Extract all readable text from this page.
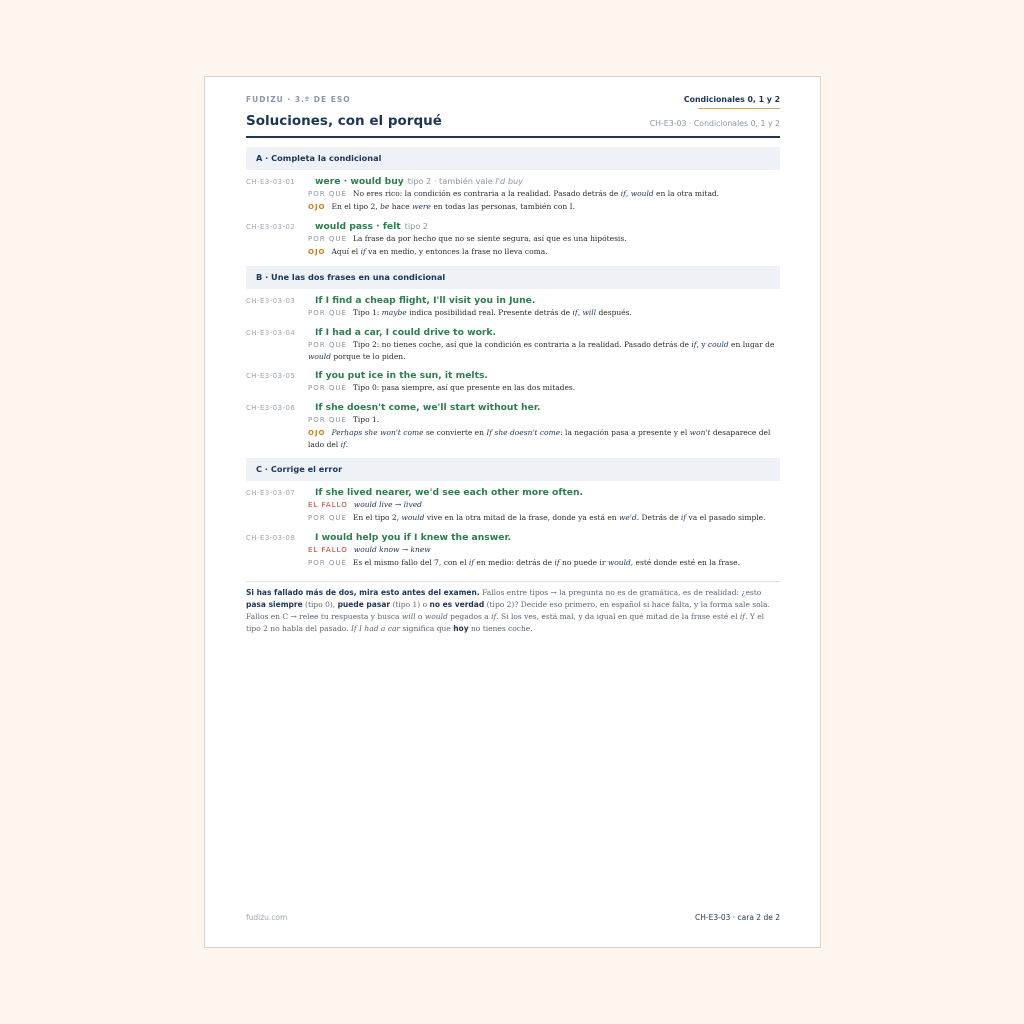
FUDIZU · 3.º DE ESO	Condicionales 0, 1 y 2
Soluciones, con el porqué	CH-E3-03 · Condicionales 0, 1 y 2
A · Completa la condicional
CH-E3-03-01 were · would buy tipo 2 · también vale I'd buy
POR QUÉ No eres rico: la condición es contraria a la realidad. Pasado detrás de if, would en la otra mitad.
OJO En el tipo 2, be hace were en todas las personas, también con I.
CH-E3-03-02 would pass · felt tipo 2
POR QUÉ La frase da por hecho que no se siente segura, así que es una hipótesis.
OJO Aquí el if va en medio, y entonces la frase no lleva coma.
B · Une las dos frases en una condicional
CH-E3-03-03 If I find a cheap flight, I'll visit you in June.
POR QUÉ Tipo 1: maybe indica posibilidad real. Presente detrás de if, will después.
CH-E3-03-04 If I had a car, I could drive to work.
POR QUÉ Tipo 2: no tienes coche, así que la condición es contraria a la realidad. Pasado detrás de if, y could en lugar de would porque te lo piden.
CH-E3-03-05 If you put ice in the sun, it melts.
POR QUÉ Tipo 0: pasa siempre, así que presente en las dos mitades.
CH-E3-03-06 If she doesn't come, we'll start without her.
POR QUÉ Tipo 1.
OJO Perhaps she won't come se convierte en If she doesn't come: la negación pasa a presente y el won't desaparece del lado del if.
C · Corrige el error
CH-E3-03-07 If she lived nearer, we'd see each other more often.
EL FALLO would live → lived
POR QUÉ En el tipo 2, would vive en la otra mitad de la frase, donde ya está en we'd. Detrás de if va el pasado simple.
CH-E3-03-08 I would help you if I knew the answer.
EL FALLO would know → knew
POR QUÉ Es el mismo fallo del 7, con el if en medio: detrás de if no puede ir would, esté donde esté en la frase.
Si has fallado más de dos, mira esto antes del examen. Fallos entre tipos → la pregunta no es de gramática, es de realidad: ¿esto pasa siempre (tipo 0), puede pasar (tipo 1) o no es verdad (tipo 2)? Decide eso primero, en español si hace falta, y la forma sale sola. Fallos en C → relee tu respuesta y busca will o would pegados a if. Si los ves, está mal, y da igual en qué mitad de la frase esté el if. Y el tipo 2 no habla del pasado. If I had a car significa que hoy no tienes coche.
fudizu.com	CH-E3-03 · cara 2 de 2
